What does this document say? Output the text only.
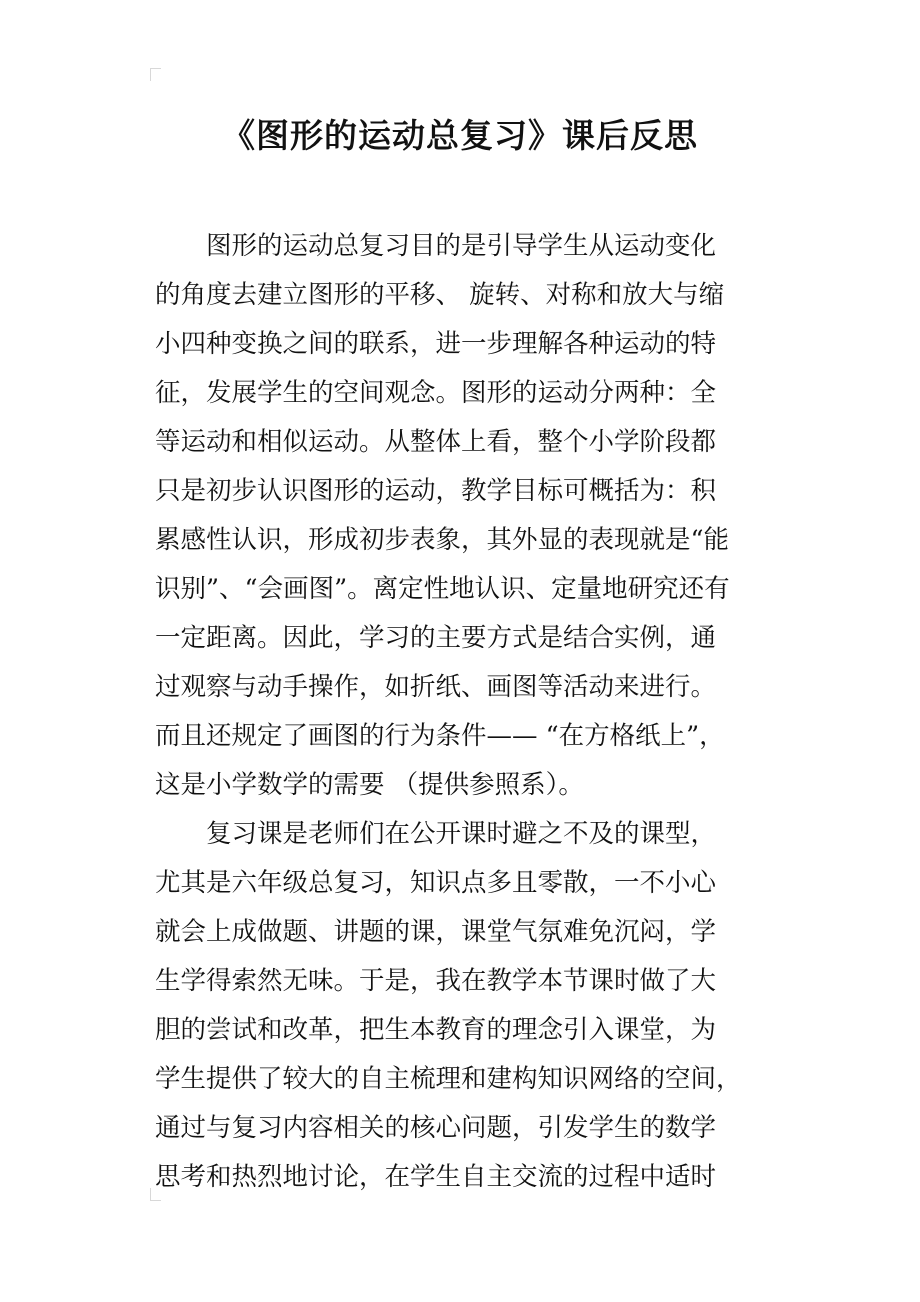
《图形的运动总复习》课后反思
　　图形的运动总复习目的是引导学生从运动变化
的角度去建立图形的平移、 旋转、对称和放大与缩
小四种变换之间的联系，进一步理解各种运动的特
征，发展学生的空间观念。图形的运动分两种：全
等运动和相似运动。从整体上看，整个小学阶段都
只是初步认识图形的运动，教学目标可概括为：积
累感性认识，形成初步表象，其外显的表现就是“能
识别”、“会画图”。离定性地认识、定量地研究还有
一定距离。因此，学习的主要方式是结合实例，通
过观察与动手操作，如折纸、画图等活动来进行。
而且还规定了画图的行为条件—— “在方格纸上”，
这是小学数学的需要 （提供参照系）。
　　复习课是老师们在公开课时避之不及的课型，
尤其是六年级总复习，知识点多且零散，一不小心
就会上成做题、讲题的课，课堂气氛难免沉闷，学
生学得索然无味。于是，我在教学本节课时做了大
胆的尝试和改革，把生本教育的理念引入课堂，为
学生提供了较大的自主梳理和建构知识网络的空间，
通过与复习内容相关的核心问题，引发学生的数学
思考和热烈地讨论，在学生自主交流的过程中适时
